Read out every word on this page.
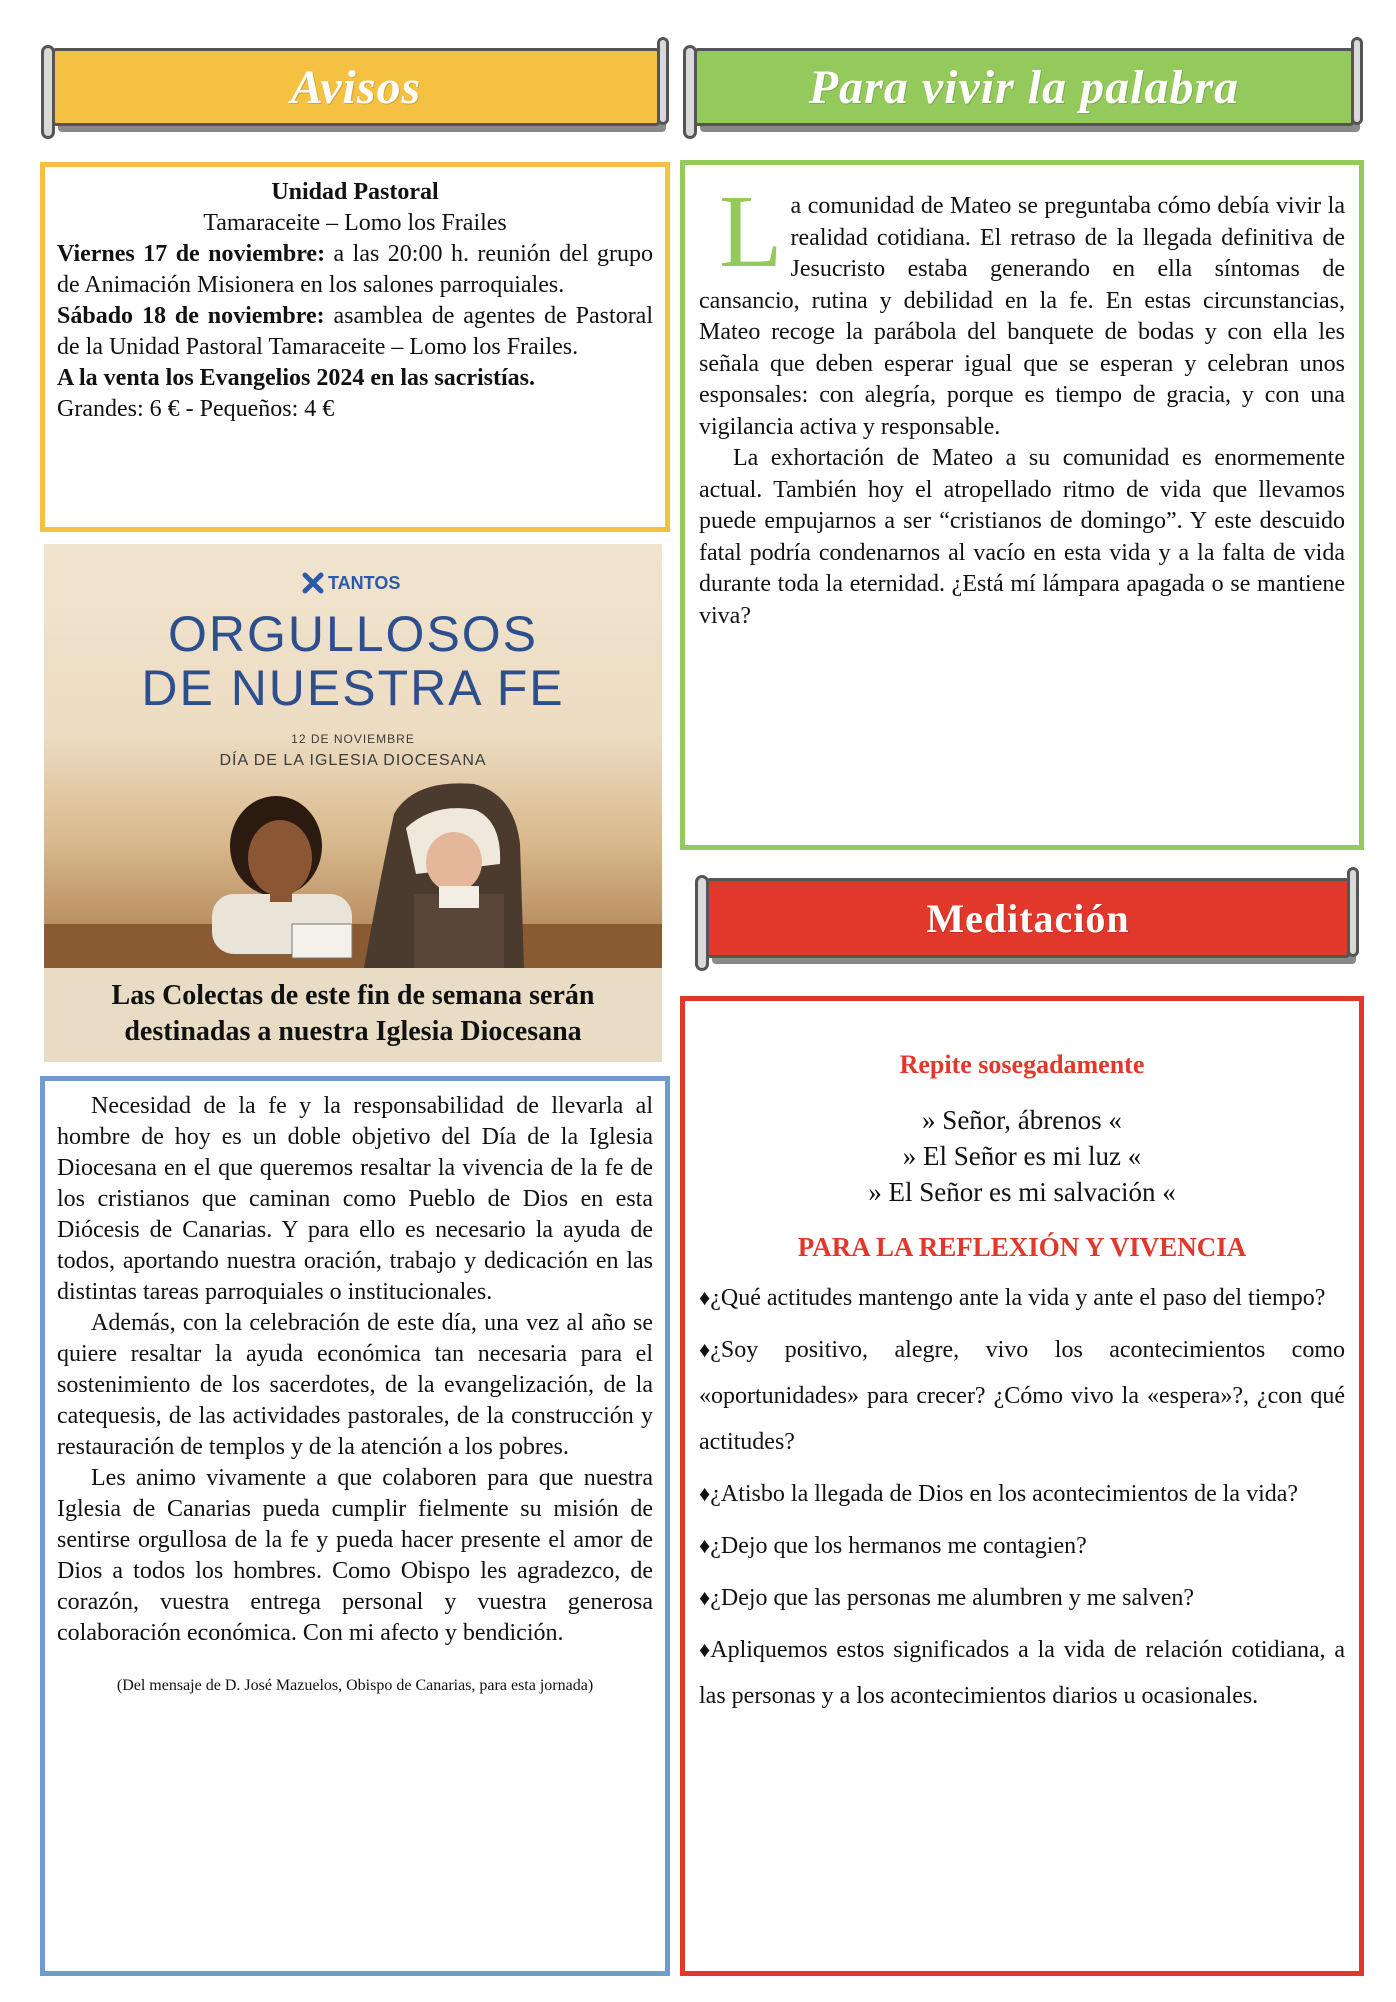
Avisos

Unidad Pastoral

Tamaraceite – Lomo los Frailes

Viernes 17 de noviembre: a las 20:00 h. reunión del grupo de Animación Misionera en los salones parroquiales.

Sábado 18 de noviembre: asamblea de agentes de Pastoral de la Unidad Pastoral Tamaraceite – Lomo los Frailes.

A la venta los Evangelios 2024 en las sacristías.

Grandes: 6 € - Pequeños: 4 €

TANTOS
ORGULLOSOS
DE NUESTRA FE
12 DE NOVIEMBRE
DÍA DE LA IGLESIA DIOCESANA
Las Colectas de este fin de semana serán destinadas a nuestra Iglesia Diocesana

Necesidad de la fe y la responsabilidad de llevarla al hombre de hoy es un doble objetivo del Día de la Iglesia Diocesana en el que queremos resaltar la vivencia de la fe de los cristianos que caminan como Pueblo de Dios en esta Diócesis de Canarias. Y para ello es necesario la ayuda de todos, aportando nuestra oración, trabajo y dedicación en las distintas tareas parroquiales o institucionales.

Además, con la celebración de este día, una vez al año se quiere resaltar la ayuda económica tan necesaria para el sostenimiento de los sacerdotes, de la evangelización, de la catequesis, de las actividades pastorales, de la construcción y restauración de templos y de la atención a los pobres.

Les animo vivamente a que colaboren para que nuestra Iglesia de Canarias pueda cumplir fielmente su misión de sentirse orgullosa de la fe y pueda hacer presente el amor de Dios a todos los hombres. Como Obispo les agradezco, de corazón, vuestra entrega personal y vuestra generosa colaboración económica. Con mi afecto y bendición.

(Del mensaje de D. José Mazuelos, Obispo de Canarias, para esta jornada)

Para vivir la palabra

La comunidad de Mateo se preguntaba cómo debía vivir la realidad cotidiana. El retraso de la llegada definitiva de Jesucristo estaba generando en ella síntomas de cansancio, rutina y debilidad en la fe. En estas circunstancias, Mateo recoge la parábola del banquete de bodas y con ella les señala que deben esperar igual que se esperan y celebran unos esponsales: con alegría, porque es tiempo de gracia, y con una vigilancia activa y responsable.

La exhortación de Mateo a su comunidad es enormemente actual. También hoy el atropellado ritmo de vida que llevamos puede empujarnos a ser “cristianos de domingo”. Y este descuido fatal podría condenarnos al vacío en esta vida y a la falta de vida durante toda la eternidad. ¿Está mí lámpara apagada o se mantiene viva?

Meditación

Repite sosegadamente

» Señor, ábrenos «

» El Señor es mi luz «

» El Señor es mi salvación «

PARA LA REFLEXIÓN Y VIVENCIA

♦¿Qué actitudes mantengo ante la vida y ante el paso del tiempo?

♦¿Soy positivo, alegre, vivo los acontecimientos como «oportunidades» para crecer? ¿Cómo vivo la «espera»?, ¿con qué actitudes?

♦¿Atisbo la llegada de Dios en los acontecimientos de la vida?

♦¿Dejo que los hermanos me contagien?

♦¿Dejo que las personas me alumbren y me salven?

♦Apliquemos estos significados a la vida de relación cotidiana, a las personas y a los acontecimientos diarios u ocasionales.
